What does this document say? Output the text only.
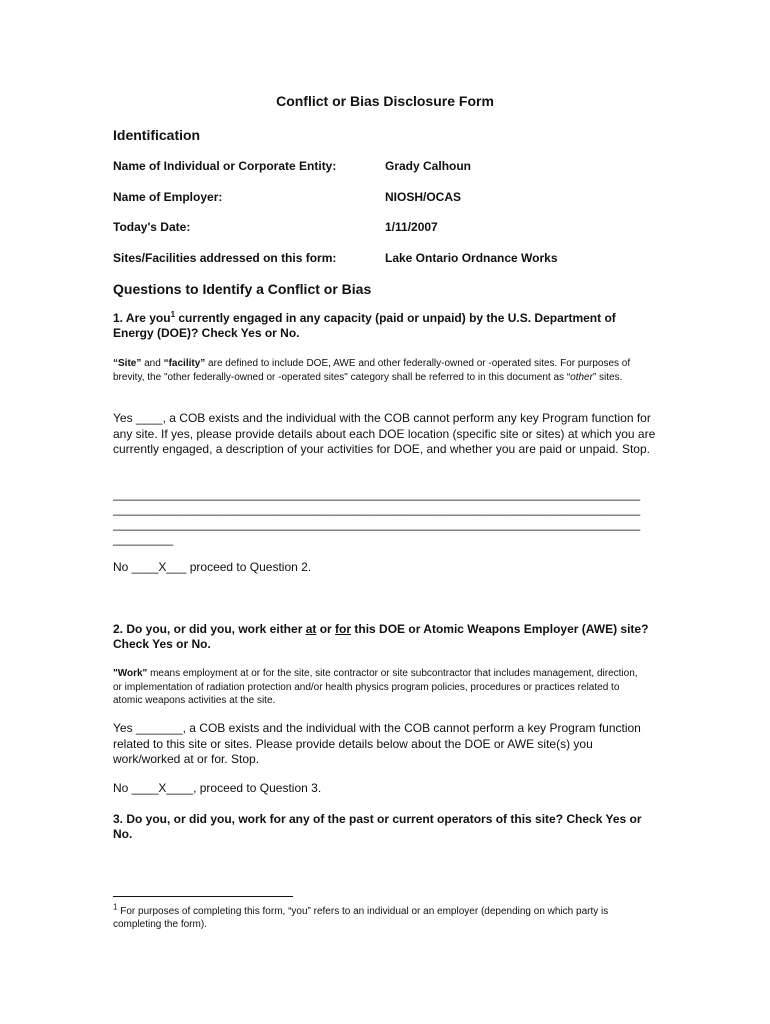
Conflict or Bias Disclosure Form
Identification
Name of Individual or Corporate Entity:	Grady Calhoun
Name of Employer:	NIOSH/OCAS
Today's Date:	1/11/2007
Sites/Facilities addressed on this form:	Lake Ontario Ordnance Works
Questions to Identify a Conflict or Bias
1. Are you$^1$ currently engaged in any capacity (paid or unpaid) by the U.S. Department of Energy (DOE)? Check Yes or No.
“Site” and “facility” are defined to include DOE, AWE and other federally-owned or -operated sites. For purposes of brevity, the "other federally-owned or -operated sites" category shall be referred to in this document as “other” sites.
Yes ____, a COB exists and the individual with the COB cannot perform any key Program function for any site. If yes, please provide details about each DOE location (specific site or sites) at which you are currently engaged, a description of your activities for DOE, and whether you are paid or unpaid. Stop.
_______________________________________________________________________________
_______________________________________________________________________________
_______________________________________________________________________________
_________
No ____X___ proceed to Question 2.
2. Do you, or did you, work either at or for this DOE or Atomic Weapons Employer (AWE) site? Check Yes or No.
"Work" means employment at or for the site, site contractor or site subcontractor that includes management, direction, or implementation of radiation protection and/or health physics program policies, procedures or practices related to atomic weapons activities at the site.
Yes _______, a COB exists and the individual with the COB cannot perform a key Program function related to this site or sites. Please provide details below about the DOE or AWE site(s) you work/worked at or for. Stop.
No ____X____, proceed to Question 3.
3. Do you, or did you, work for any of the past or current operators of this site? Check Yes or No.
$^1$ For purposes of completing this form, “you” refers to an individual or an employer (depending on which party is completing the form).
